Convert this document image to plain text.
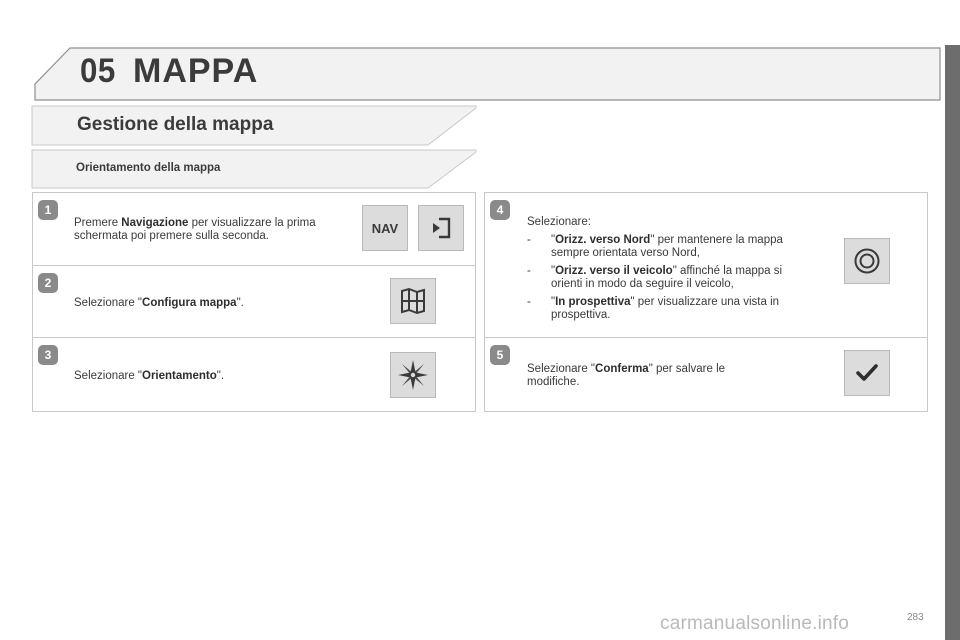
05 MAPPA
Gestione della mappa
Orientamento della mappa
1
Premere Navigazione per visualizzare la prima schermata poi premere sulla seconda.
NAV
2
Selezionare "Configura mappa".
3
Selezionare "Orientamento".
4
Selezionare:
- "Orizz. verso Nord" per mantenere la mappa sempre orientata verso Nord,
- "Orizz. verso il veicolo" affinché la mappa si orienti in modo da seguire il veicolo,
- "In prospettiva" per visualizzare una vista in prospettiva.
5
Selezionare "Conferma" per salvare le modifiche.
carmanualsonline.info	283
